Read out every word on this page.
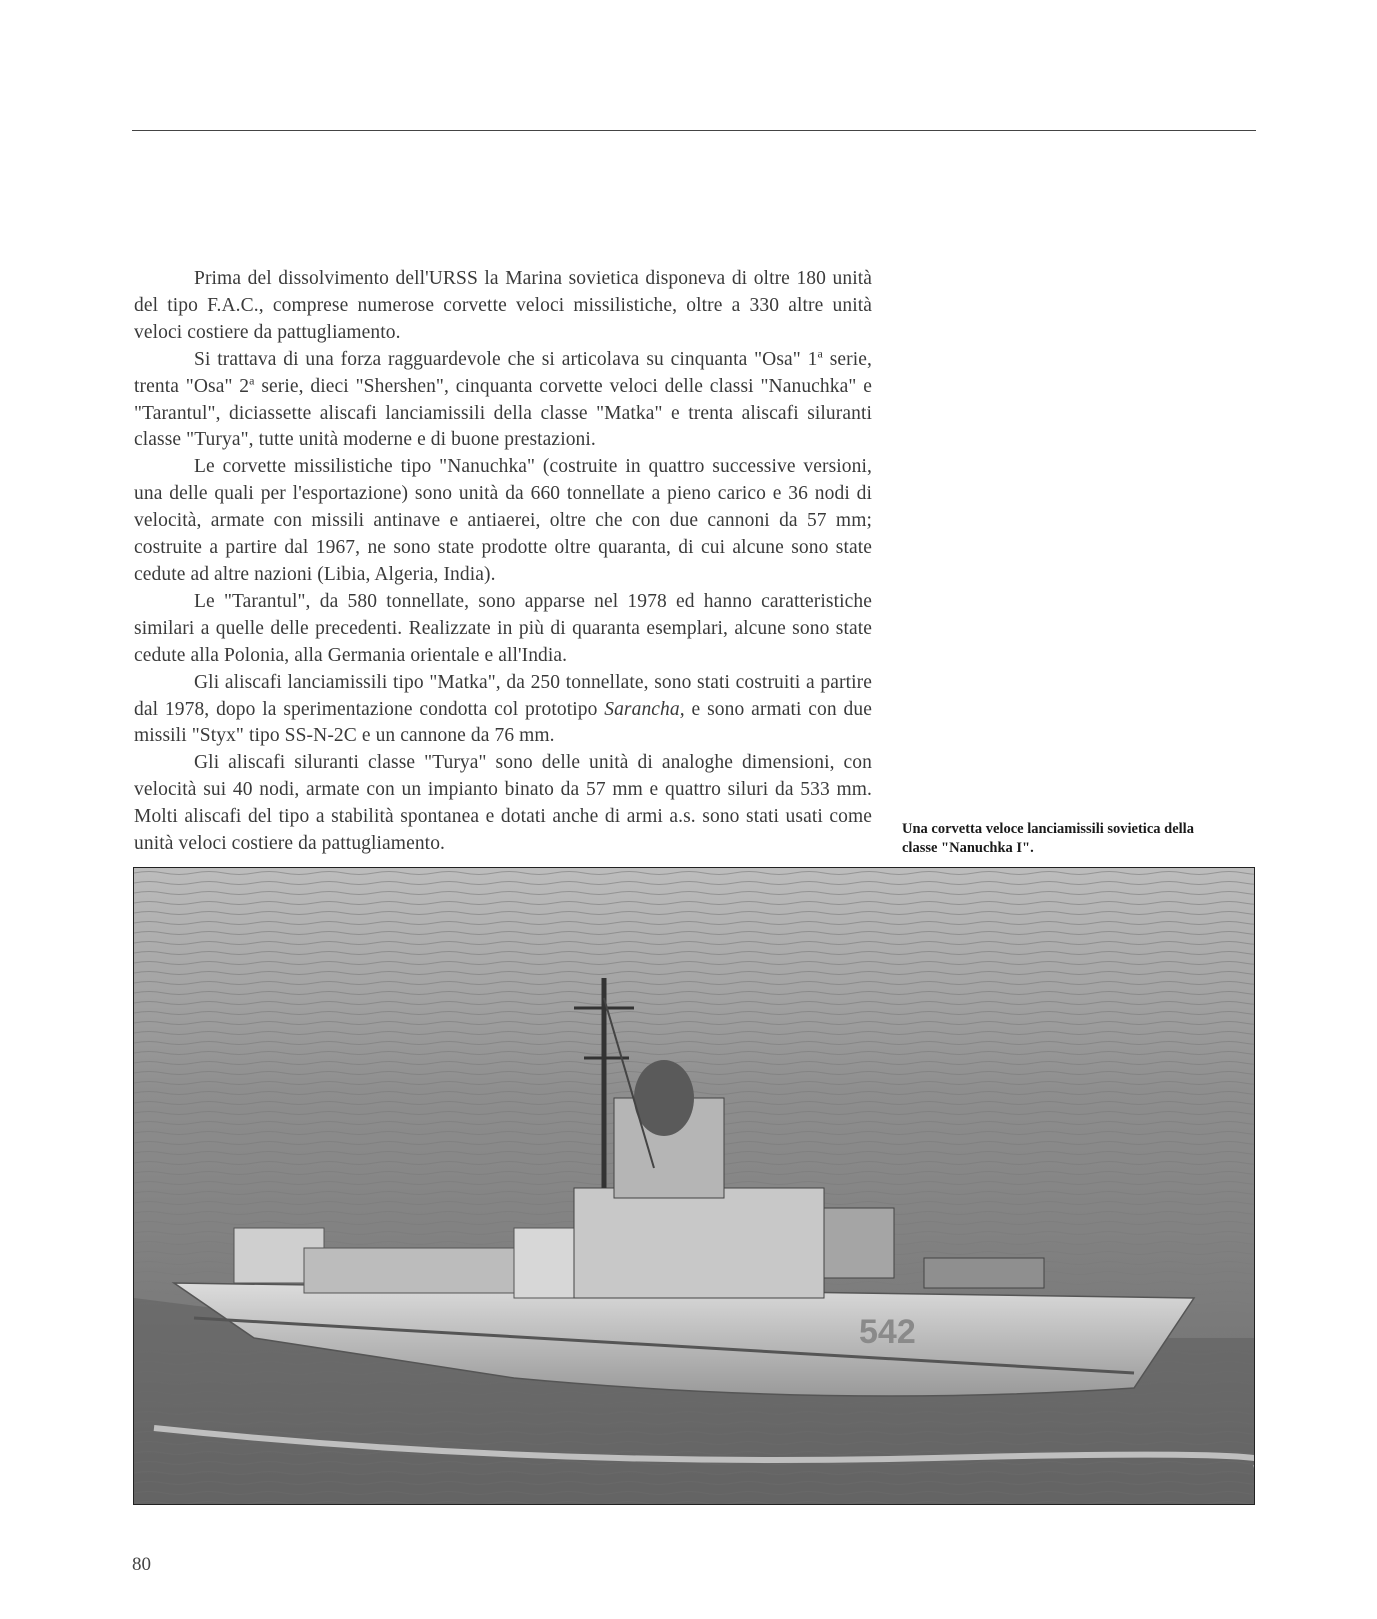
Prima del dissolvimento dell'URSS la Marina sovietica disponeva di oltre 180 unità del tipo F.A.C., comprese numerose corvette veloci missilistiche, oltre a 330 altre unità veloci costiere da pattugliamento.

Si trattava di una forza ragguardevole che si articolava su cinquanta "Osa" 1$^a$ serie, trenta "Osa" 2$^a$ serie, dieci "Shershen", cinquanta corvette veloci delle classi "Nanuchka" e "Tarantul", diciassette aliscafi lanciamissili della classe "Matka" e trenta aliscafi siluranti classe "Turya", tutte unità moderne e di buone prestazioni.

Le corvette missilistiche tipo "Nanuchka" (costruite in quattro successive versioni, una delle quali per l'esportazione) sono unità da 660 tonnellate a pieno carico e 36 nodi di velocità, armate con missili antinave e antiaerei, oltre che con due cannoni da 57 mm; costruite a partire dal 1967, ne sono state prodotte oltre quaranta, di cui alcune sono state cedute ad altre nazioni (Libia, Algeria, India).

Le "Tarantul", da 580 tonnellate, sono apparse nel 1978 ed hanno caratteristiche similari a quelle delle precedenti. Realizzate in più di quaranta esemplari, alcune sono state cedute alla Polonia, alla Germania orientale e all'India.

Gli aliscafi lanciamissili tipo "Matka", da 250 tonnellate, sono stati costruiti a partire dal 1978, dopo la sperimentazione condotta col prototipo Sarancha, e sono armati con due missili "Styx" tipo SS-N-2C e un cannone da 76 mm.

Gli aliscafi siluranti classe "Turya" sono delle unità di analoghe dimensioni, con velocità sui 40 nodi, armate con un impianto binato da 57 mm e quattro siluri da 533 mm. Molti aliscafi del tipo a stabilità spontanea e dotati anche di armi a.s. sono stati usati come unità veloci costiere da pattugliamento.

Una corvetta veloce lanciamissili sovietica della classe "Nanuchka I".
542
80
